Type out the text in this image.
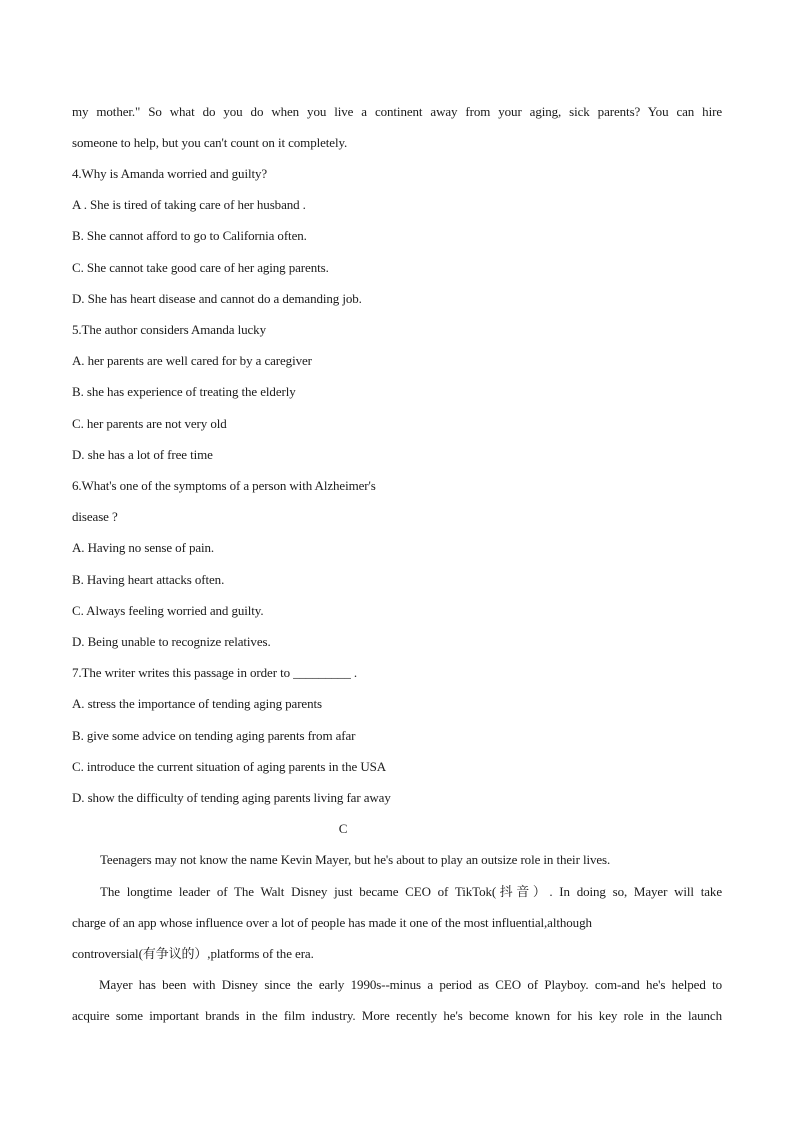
my mother." So what do you do when you live a continent away from your aging, sick parents? You can hire
someone to help, but you can't count on it completely.
4.Why is Amanda worried and guilty?
A . She is tired of taking care of her husband .
B. She cannot afford to go to California often.
C. She cannot take good care of her aging parents.
D. She has heart disease and cannot do a demanding job.
5.The author considers Amanda lucky
A. her parents are well cared for by a caregiver
B. she has experience of treating the elderly
C. her parents are not very old
D. she has a lot of free time
6.What's one of the symptoms of a person with Alzheimer's
disease ?
A. Having no sense of pain.
B. Having heart attacks often.
C. Always feeling worried and guilty.
D. Being unable to recognize relatives.
7.The writer writes this passage in order to _________ .
A. stress the importance of tending aging parents
B. give some advice on tending aging parents from afar
C. introduce the current situation of aging parents in the USA
D. show the difficulty of tending aging parents living far away
C
Teenagers may not know the name Kevin Mayer, but he's about to play an outsize role in their lives.
The longtime leader of The Walt Disney just became CEO of TikTok(抖音）. In doing so, Mayer will take
charge of an app whose influence over a lot of people has made it one of the most influential,although
controversial(有争议的）,platforms of the era.
Mayer has been with Disney since the early 1990s--minus a period as CEO of Playboy. com-and he's helped to
acquire some important brands in the film industry. More recently he's become known for his key role in the launch
